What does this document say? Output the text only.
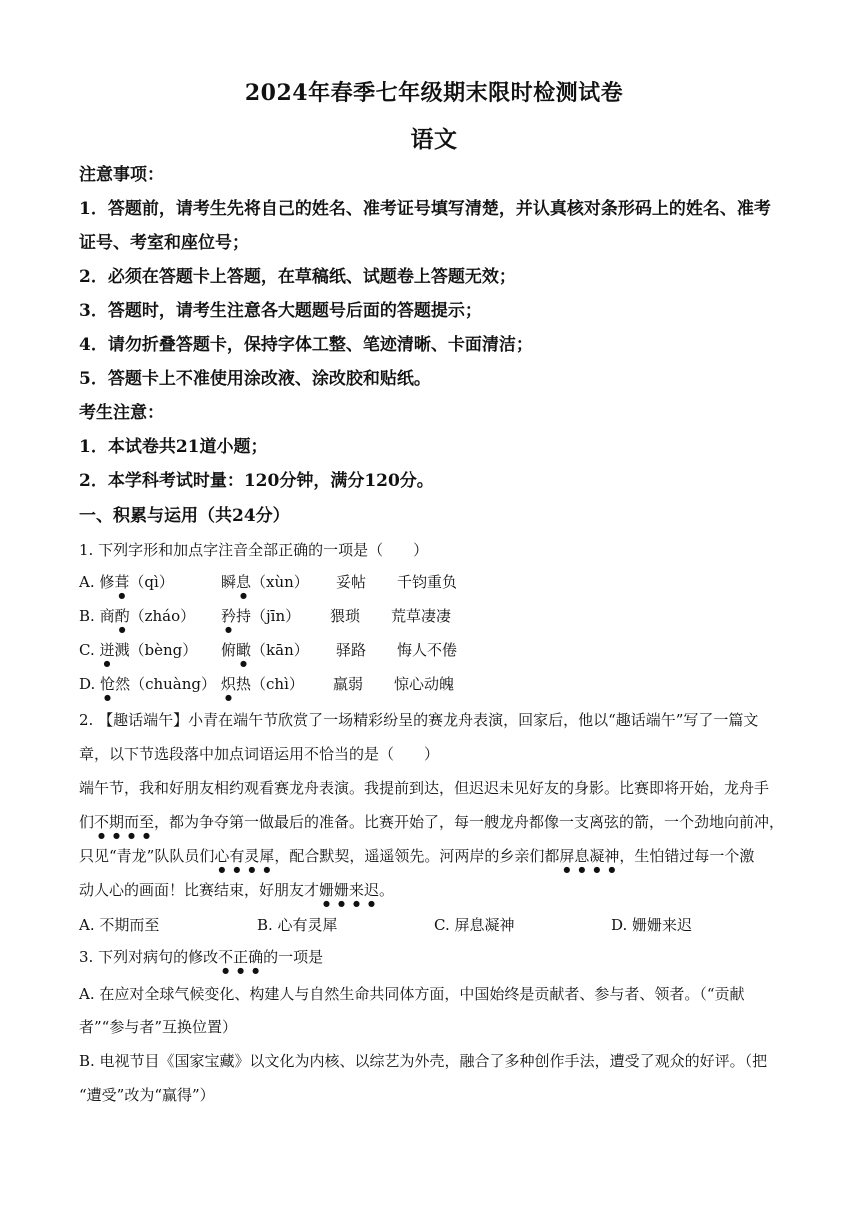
2024年春季七年级期末限时检测试卷
语文
注意事项：
1．答题前，请考生先将自己的姓名、准考证号填写清楚，并认真核对条形码上的姓名、准考
证号、考室和座位号；
2．必须在答题卡上答题，在草稿纸、试题卷上答题无效；
3．答题时，请考生注意各大题题号后面的答题提示；
4．请勿折叠答题卡，保持字体工整、笔迹清晰、卡面清洁；
5．答题卡上不准使用涂改液、涂改胶和贴纸。
考生注意：
1．本试卷共21道小题；
2．本学科考试时量：120分钟，满分120分。
一、积累与运用（共24分）
1. 下列字形和加点字注音全部正确的一项是（　　）
A. 修葺（qì）	瞬息（xùn） 妥帖 千钧重负
B. 商酌（zháo） 矜持（jīn） 猥琐 荒草凄凄
C. 迸溅（bèng） 俯瞰（kān） 驿路 悔人不倦
D. 怆然（chuàng） 炽热（chì） 羸弱 惊心动魄
2. 【趣话端午】小青在端午节欣赏了一场精彩纷呈的赛龙舟表演，回家后，他以“趣话端午”写了一篇文
章，以下节选段落中加点词语运用不恰当的是（　　）
端午节，我和好朋友相约观看赛龙舟表演。我提前到达，但迟迟未见好友的身影。比赛即将开始，龙舟手
们不期而至，都为争夺第一做最后的准备。比赛开始了，每一艘龙舟都像一支离弦的箭，一个劲地向前冲，
只见“青龙”队队员们心有灵犀，配合默契，遥遥领先。河两岸的乡亲们都屏息凝神，生怕错过每一个激
动人心的画面！比赛结束，好朋友才姗姗来迟。
A. 不期而至	B. 心有灵犀	C. 屏息凝神	D. 姗姗来迟
3. 下列对病句的修改不正确的一项是
A. 在应对全球气候变化、构建人与自然生命共同体方面，中国始终是贡献者、参与者、领者。（“贡献
者”“参与者”互换位置）
B. 电视节目《国家宝藏》以文化为内核、以综艺为外壳，融合了多种创作手法，遭受了观众的好评。（把
“遭受”改为“赢得”）
